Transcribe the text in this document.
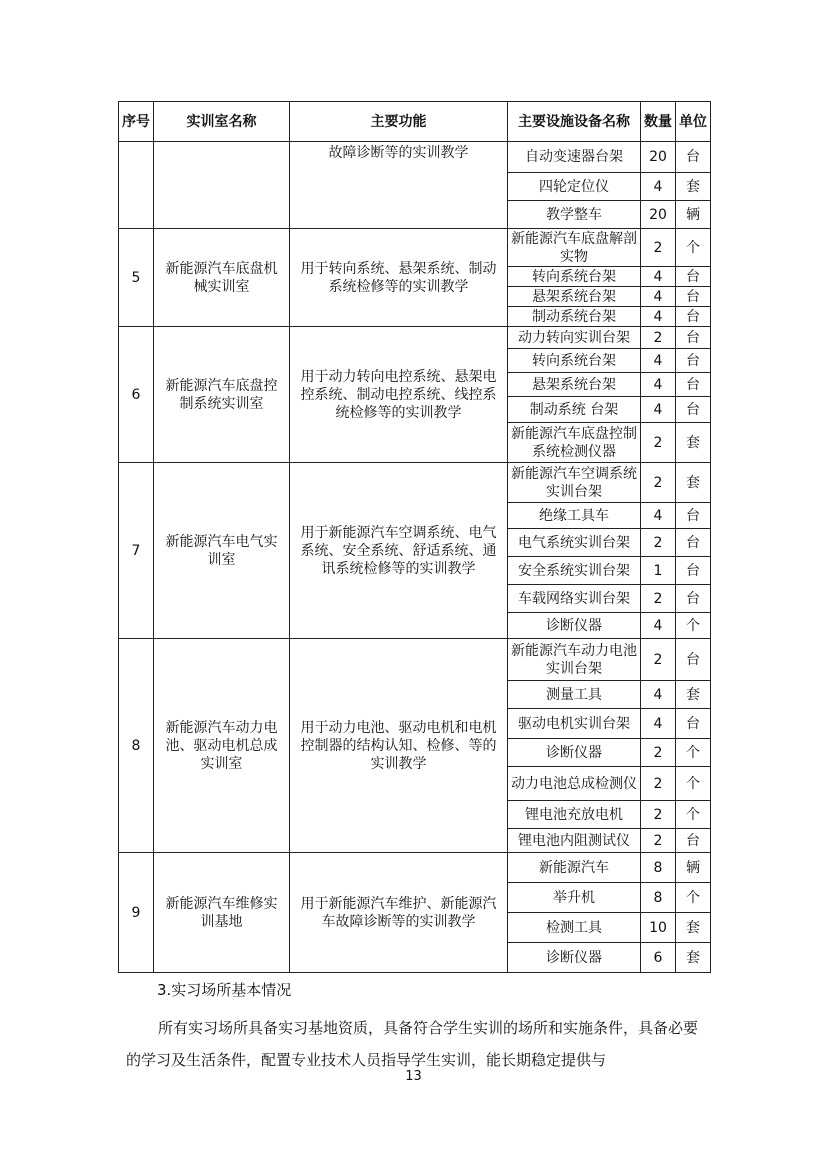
序号	实训室名称	主要功能	主要设施设备名称	数量	单位
		故障诊断等的实训教学	自动变速器台架	20	台
			四轮定位仪	4	套
			教学整车	20	辆
5	新能源汽车底盘机械实训室	用于转向系统、悬架系统、制动系统检修等的实训教学	新能源汽车底盘解剖实物	2	个
			转向系统台架	4	台
			悬架系统台架	4	台
			制动系统台架	4	台
6	新能源汽车底盘控制系统实训室	用于动力转向电控系统、悬架电控系统、制动电控系统、线控系统检修等的实训教学	动力转向实训台架	2	台
			转向系统台架	4	台
			悬架系统台架	4	台
			制动系统 台架	4	台
			新能源汽车底盘控制系统检测仪器	2	套
7	新能源汽车电气实训室	用于新能源汽车空调系统、电气系统、安全系统、舒适系统、通讯系统检修等的实训教学	新能源汽车空调系统实训台架	2	套
			绝缘工具车	4	台
			电气系统实训台架	2	台
			安全系统实训台架	1	台
			车载网络实训台架	2	台
			诊断仪器	4	个
8	新能源汽车动力电池、驱动电机总成实训室	用于动力电池、驱动电机和电机控制器的结构认知、检修、等的实训教学	新能源汽车动力电池实训台架	2	台
			测量工具	4	套
			驱动电机实训台架	4	台
			诊断仪器	2	个
			动力电池总成检测仪	2	个
			锂电池充放电机	2	个
			锂电池内阻测试仪	2	台
9	新能源汽车维修实训基地	用于新能源汽车维护、新能源汽车故障诊断等的实训教学	新能源汽车	8	辆
			举升机	8	个
			检测工具	10	套
			诊断仪器	6	套
3.实习场所基本情况

所有实习场所具备实习基地资质，具备符合学生实训的场所和实施条件，具备必要的学习及生活条件，配置专业技术人员指导学生实训，能长期稳定提供与

13
